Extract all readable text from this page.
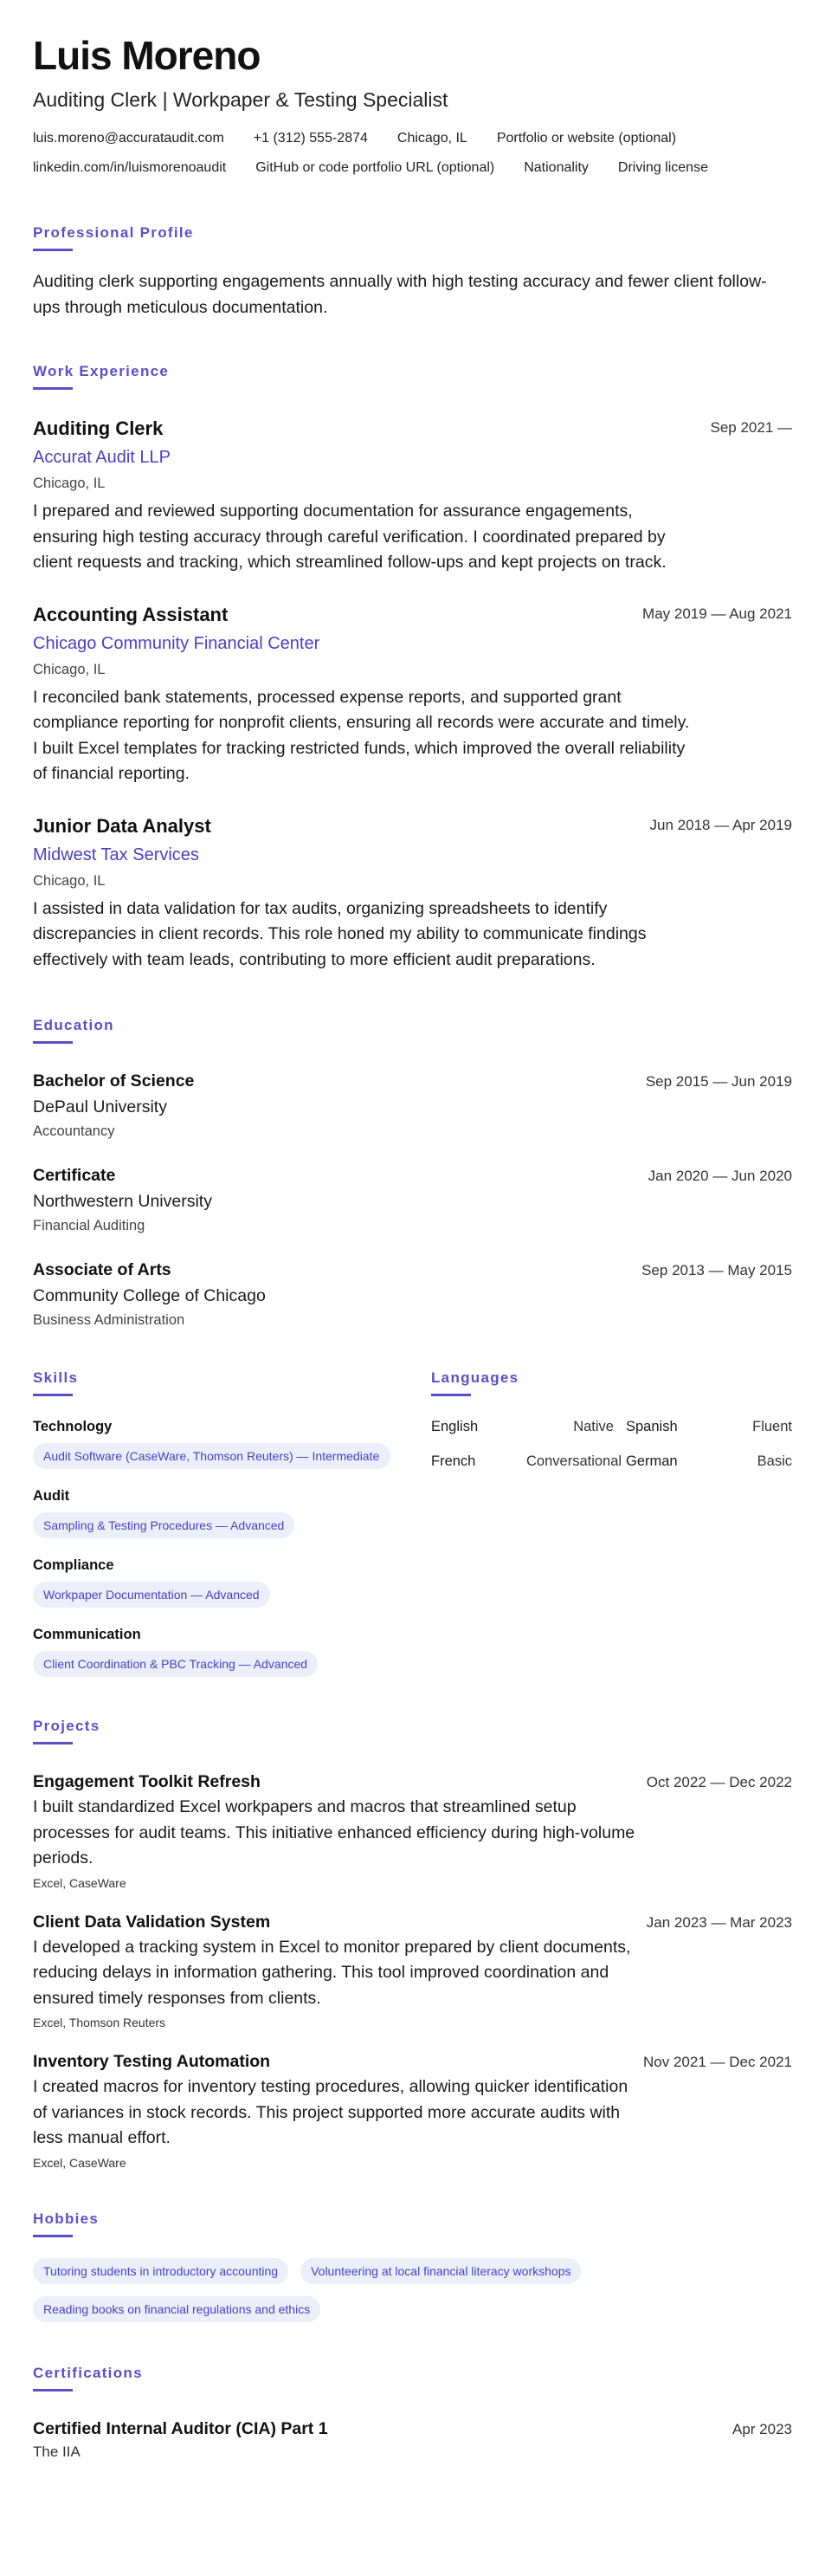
Luis Moreno
Auditing Clerk | Workpaper & Testing Specialist
luis.moreno@accurataudit.com +1 (312) 555-2874 Chicago, IL Portfolio or website (optional)
linkedin.com/in/luismorenoaudit GitHub or code portfolio URL (optional) Nationality Driving license
Professional Profile
Auditing clerk supporting engagements annually with high testing accuracy and fewer client follow-ups through meticulous documentation.
Work Experience
Sep 2021 —
Auditing Clerk
Accurat Audit LLP
Chicago, IL
I prepared and reviewed supporting documentation for assurance engagements, ensuring high testing accuracy through careful verification. I coordinated prepared by client requests and tracking, which streamlined follow-ups and kept projects on track.
May 2019 — Aug 2021
Accounting Assistant
Chicago Community Financial Center
Chicago, IL
I reconciled bank statements, processed expense reports, and supported grant compliance reporting for nonprofit clients, ensuring all records were accurate and timely. I built Excel templates for tracking restricted funds, which improved the overall reliability of financial reporting.
Jun 2018 — Apr 2019
Junior Data Analyst
Midwest Tax Services
Chicago, IL
I assisted in data validation for tax audits, organizing spreadsheets to identify discrepancies in client records. This role honed my ability to communicate findings effectively with team leads, contributing to more efficient audit preparations.
Education
Sep 2015 — Jun 2019
Bachelor of Science
DePaul University
Accountancy
Jan 2020 — Jun 2020
Certificate
Northwestern University
Financial Auditing
Sep 2013 — May 2015
Associate of Arts
Community College of Chicago
Business Administration
Skills
Technology
Audit Software (CaseWare, Thomson Reuters) — Intermediate
Audit
Sampling & Testing Procedures — Advanced
Compliance
Workpaper Documentation — Advanced
Communication
Client Coordination & PBC Tracking — Advanced
Languages
English	Native Spanish	Fluent
French	Conversational German	Basic
Projects
Oct 2022 — Dec 2022
Engagement Toolkit Refresh
I built standardized Excel workpapers and macros that streamlined setup processes for audit teams. This initiative enhanced efficiency during high-volume periods.
Excel, CaseWare
Jan 2023 — Mar 2023
Client Data Validation System
I developed a tracking system in Excel to monitor prepared by client documents, reducing delays in information gathering. This tool improved coordination and ensured timely responses from clients.
Excel, Thomson Reuters
Nov 2021 — Dec 2021
Inventory Testing Automation
I created macros for inventory testing procedures, allowing quicker identification of variances in stock records. This project supported more accurate audits with less manual effort.
Excel, CaseWare
Hobbies
Tutoring students in introductory accounting	Volunteering at local financial literacy workshops
Reading books on financial regulations and ethics
Certifications
Apr 2023
Certified Internal Auditor (CIA) Part 1
The IIA
